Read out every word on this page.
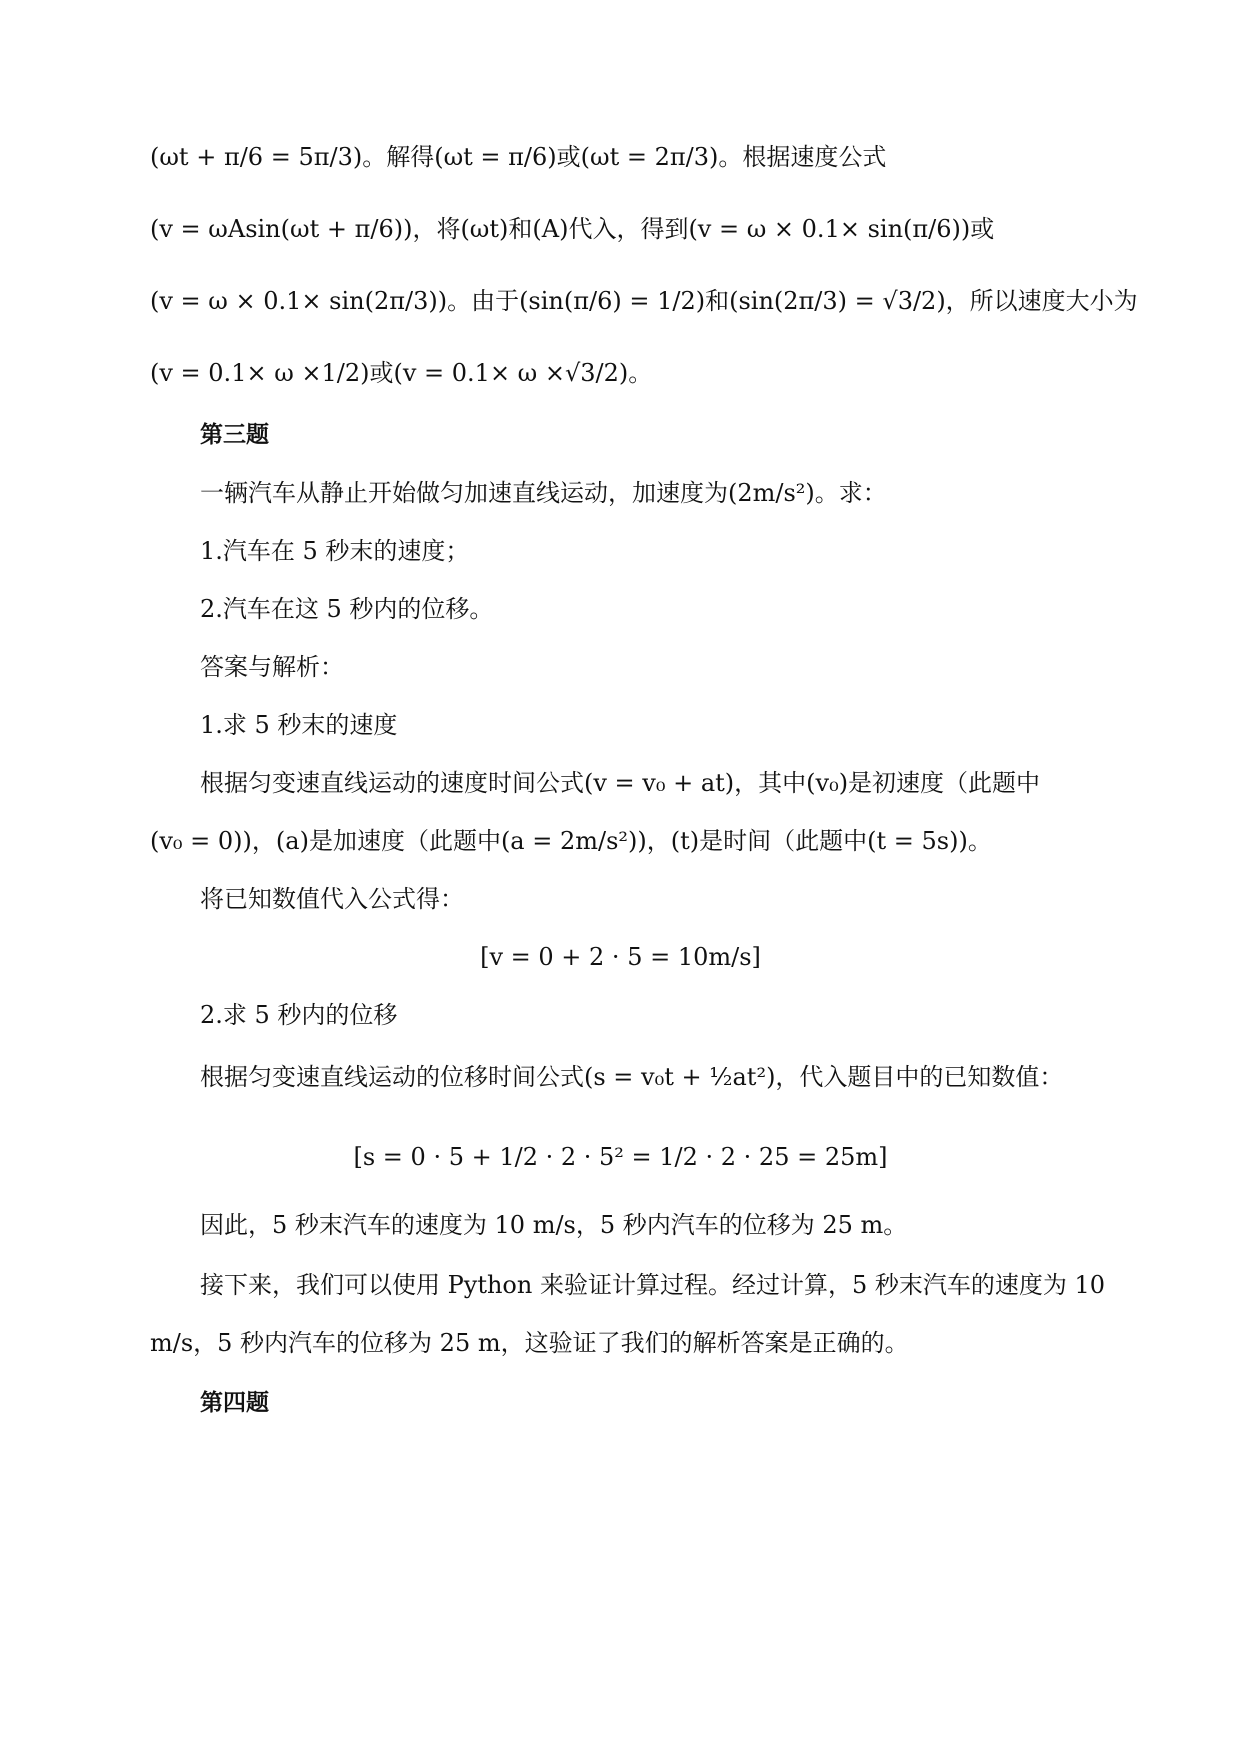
(ωt + π/6 = 5π/3)。解得(ωt = π/6)或(ωt = 2π/3)。根据速度公式
(v = ωAsin(ωt + π/6))，将(ωt)和(A)代入，得到(v = ω × 0.1× sin(π/6))或
(v = ω × 0.1× sin(2π/3))。由于(sin(π/6) = 1/2)和(sin(2π/3) = √3/2)，所以速度大小为
(v = 0.1× ω ×1/2)或(v = 0.1× ω ×√3/2)。
第三题
一辆汽车从静止开始做匀加速直线运动，加速度为(2m/s²)。求：
1.汽车在 5 秒末的速度；
2.汽车在这 5 秒内的位移。
答案与解析：
1.求 5 秒末的速度
根据匀变速直线运动的速度时间公式(v = v₀ + at)，其中(v₀)是初速度（此题中
(v₀ = 0))，(a)是加速度（此题中(a = 2m/s²))，(t)是时间（此题中(t = 5s))。
将已知数值代入公式得：
[v = 0 + 2 · 5 = 10m/s]
2.求 5 秒内的位移
根据匀变速直线运动的位移时间公式(s = v₀t + ½at²)，代入题目中的已知数值：
[s = 0 · 5 + 1/2 · 2 · 5² = 1/2 · 2 · 25 = 25m]
因此，5 秒末汽车的速度为 10 m/s，5 秒内汽车的位移为 25 m。
接下来，我们可以使用 Python 来验证计算过程。经过计算，5 秒末汽车的速度为 10
m/s，5 秒内汽车的位移为 25 m，这验证了我们的解析答案是正确的。
第四题
